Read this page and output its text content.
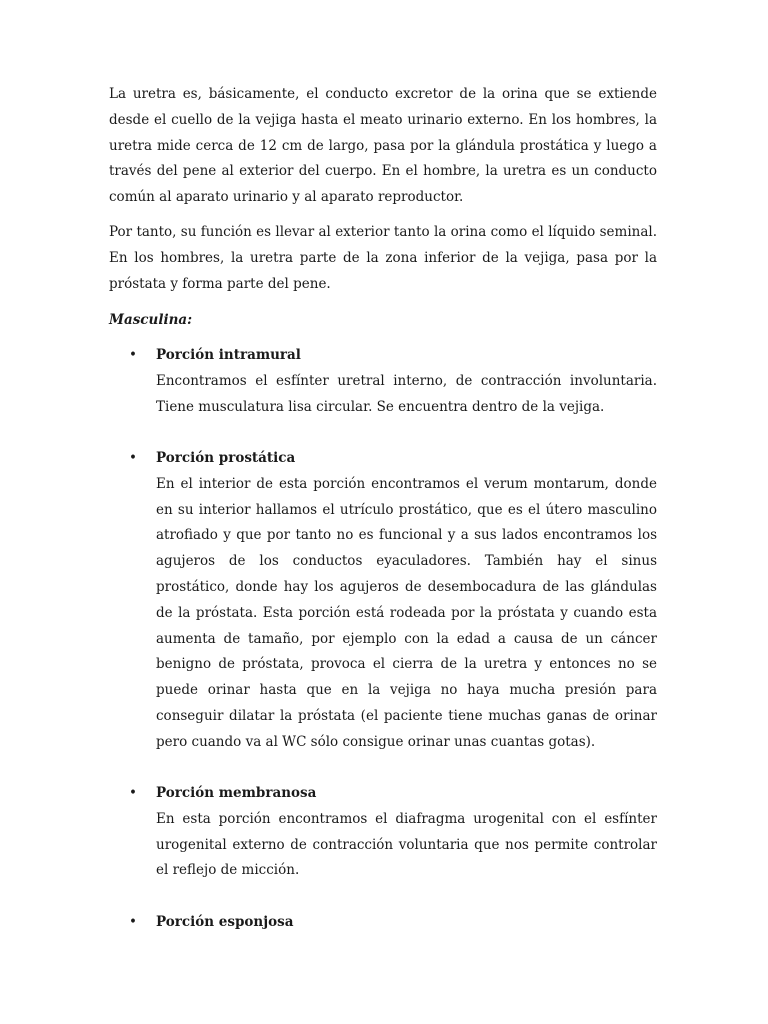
La uretra es, básicamente, el conducto excretor de la orina que se extiende desde el cuello de la vejiga hasta el meato urinario externo. En los hombres, la uretra mide cerca de 12 cm de largo, pasa por la glándula prostática y luego a través del pene al exterior del cuerpo. En el hombre, la uretra es un conducto común al aparato urinario y al aparato reproductor.

Por tanto, su función es llevar al exterior tanto la orina como el líquido seminal. En los hombres, la uretra parte de la zona inferior de la vejiga, pasa por la próstata y forma parte del pene.

Masculina:

• Porción intramural

Encontramos el esfínter uretral interno, de contracción involuntaria. Tiene musculatura lisa circular. Se encuentra dentro de la vejiga.

• Porción prostática

En el interior de esta porción encontramos el verum montarum, donde en su interior hallamos el utrículo prostático, que es el útero masculino atrofiado y que por tanto no es funcional y a sus lados encontramos los agujeros de los conductos eyaculadores. También hay el sinus prostático, donde hay los agujeros de desembocadura de las glándulas de la próstata. Esta porción está rodeada por la próstata y cuando esta aumenta de tamaño, por ejemplo con la edad a causa de un cáncer benigno de próstata, provoca el cierra de la uretra y entonces no se puede orinar hasta que en la vejiga no haya mucha presión para conseguir dilatar la próstata (el paciente tiene muchas ganas de orinar pero cuando va al WC sólo consigue orinar unas cuantas gotas).

• Porción membranosa

En esta porción encontramos el diafragma urogenital con el esfínter urogenital externo de contracción voluntaria que nos permite controlar el reflejo de micción.

• Porción esponjosa
